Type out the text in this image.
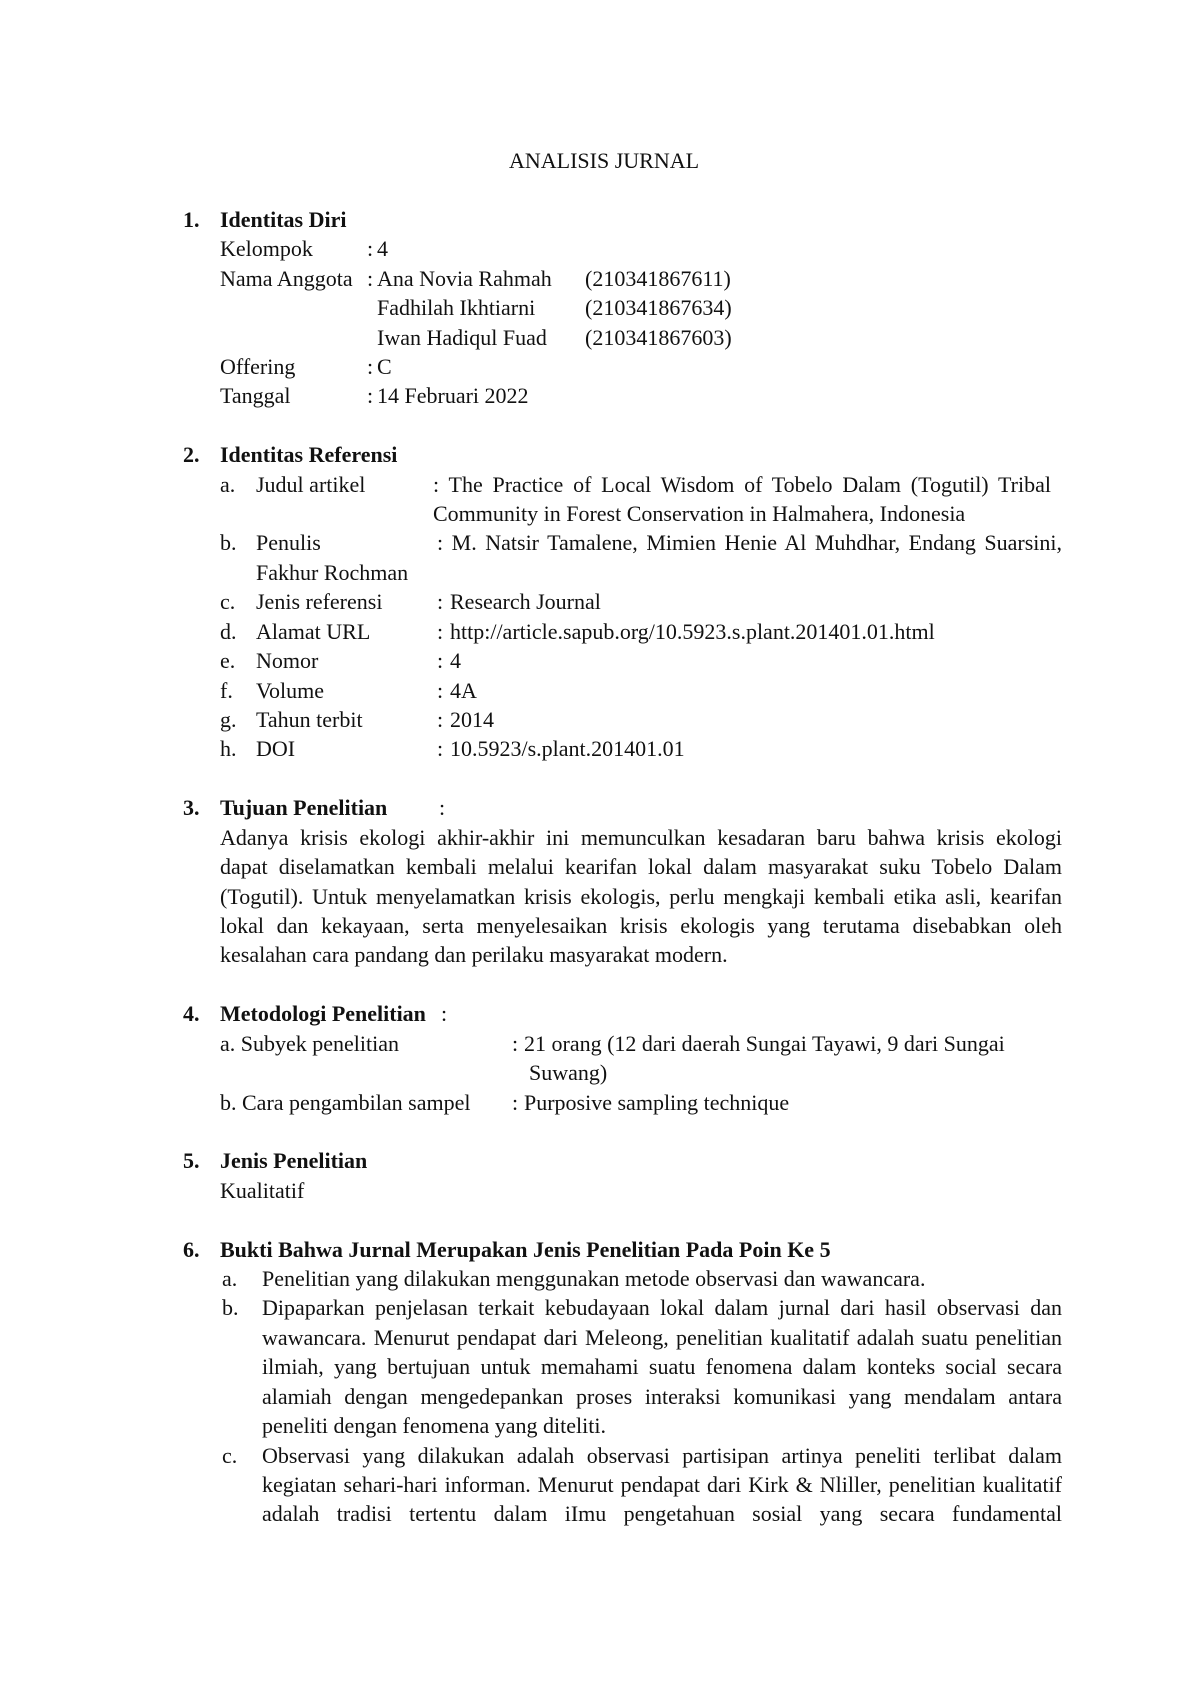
ANALISIS JURNAL
1. Identitas Diri
Kelompok : 4
Nama Anggota : Ana Novia Rahmah (210341867611)
Fadhilah Ikhtiarni (210341867634)
Iwan Hadiqul Fuad (210341867603)
Offering	: C
Tanggal	: 14 Februari 2022
2. Identitas Referensi
a. Judul artikel	: The Practice of Local Wisdom of Tobelo Dalam (Togutil) Tribal
Community in Forest Conservation in Halmahera, Indonesia
b. Penulis	: M. Natsir Tamalene, Mimien Henie Al Muhdhar, Endang Suarsini,
Fakhur Rochman
c. Jenis referensi : Research Journal
d. Alamat URL	: http://article.sapub.org/10.5923.s.plant.201401.01.html
e. Nomor	: 4
f. Volume	: 4A
g. Tahun terbit	: 2014
h. DOI	: 10.5923/s.plant.201401.01
3. Tujuan Penelitian :
Adanya krisis ekologi akhir-akhir ini memunculkan kesadaran baru bahwa krisis ekologi
dapat diselamatkan kembali melalui kearifan lokal dalam masyarakat suku Tobelo Dalam
(Togutil). Untuk menyelamatkan krisis ekologis, perlu mengkaji kembali etika asli, kearifan
lokal dan kekayaan, serta menyelesaikan krisis ekologis yang terutama disebabkan oleh
kesalahan cara pandang dan perilaku masyarakat modern.
4. Metodologi Penelitian :
a. Subyek penelitian	: 21 orang (12 dari daerah Sungai Tayawi, 9 dari Sungai
Suwang)
b. Cara pengambilan sampel : Purposive sampling technique
5. Jenis Penelitian
Kualitatif
6. Bukti Bahwa Jurnal Merupakan Jenis Penelitian Pada Poin Ke 5
a. Penelitian yang dilakukan menggunakan metode observasi dan wawancara.
b. Dipaparkan penjelasan terkait kebudayaan lokal dalam jurnal dari hasil observasi dan
wawancara. Menurut pendapat dari Meleong, penelitian kualitatif adalah suatu penelitian
ilmiah, yang bertujuan untuk memahami suatu fenomena dalam konteks social secara
alamiah dengan mengedepankan proses interaksi komunikasi yang mendalam antara
peneliti dengan fenomena yang diteliti.
c. Observasi yang dilakukan adalah observasi partisipan artinya peneliti terlibat dalam
kegiatan sehari-hari informan. Menurut pendapat dari Kirk & Nliller, penelitian kualitatif
adalah tradisi tertentu dalam iImu pengetahuan sosial yang secara fundamental
